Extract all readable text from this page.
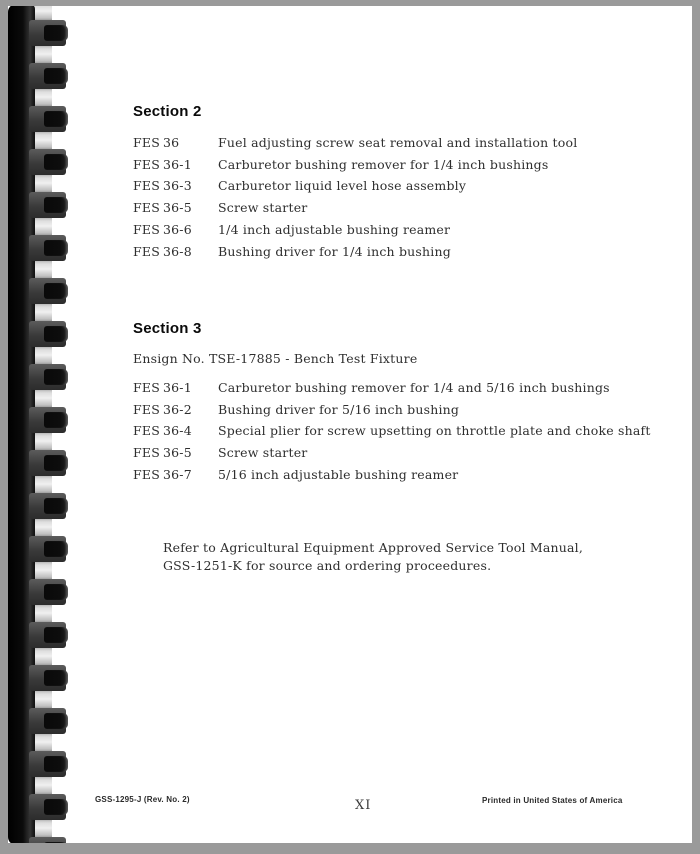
Section 2
FES 36	Fuel adjusting screw seat removal and installation tool
FES 36-1	Carburetor bushing remover for 1/4 inch bushings
FES 36-3	Carburetor liquid level hose assembly
FES 36-5	Screw starter
FES 36-6	1/4 inch adjustable bushing reamer
FES 36-8	Bushing driver for 1/4 inch bushing
Section 3

Ensign No. TSE-17885 - Bench Test Fixture

FES 36-1	Carburetor bushing remover for 1/4 and 5/16 inch bushings
FES 36-2	Bushing driver for 5/16 inch bushing
FES 36-4	Special plier for screw upsetting on throttle plate and choke shaft
FES 36-5	Screw starter
FES 36-7	5/16 inch adjustable bushing reamer
Refer to Agricultural Equipment Approved Service Tool Manual,
GSS-1251-K for source and ordering proceedures.
GSS-1295-J (Rev. No. 2)	XI	Printed in United States of America
